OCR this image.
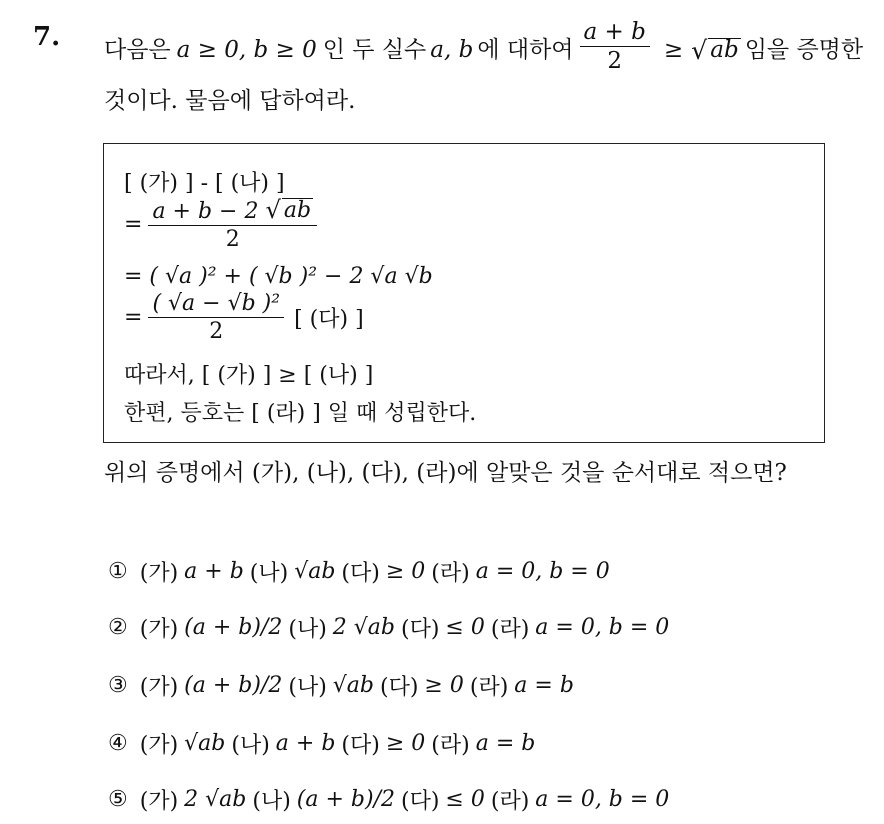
7. 다음은 a ≥ 0, b ≥ 0 인 두 실수 a, b 에 대하여 $\frac{a + b}{2}$ ≥ √ ab 임을 증명한
것이다. 물음에 답하여라.
[ (가) ] - [ (나) ]
= $\frac{a + b - 2 √ ab}{2}$
= ( √a )² + ( √b )² − 2 √a √b
= $\frac{\text{( √a − √b )²}}{2}$ [ (다) ]
따라서, [ (가) ] ≥ [ (나) ]
한편, 등호는 [ (라) ] 일 때 성립한다.
위의 증명에서 (가), (나), (다), (라)에 알맞은 것을 순서대로 적으면?
① (가) a + b (나) √ab (다) ≥ 0 (라) a = 0, b = 0
② (가) (a + b)/2 (나) 2 √ab (다) ≤ 0 (라) a = 0, b = 0
③ (가) (a + b)/2 (나) √ab (다) ≥ 0 (라) a = b
④ (가) √ab (나) a + b (다) ≥ 0 (라) a = b
⑤ (가) 2 √ab (나) (a + b)/2 (다) ≤ 0 (라) a = 0, b = 0
